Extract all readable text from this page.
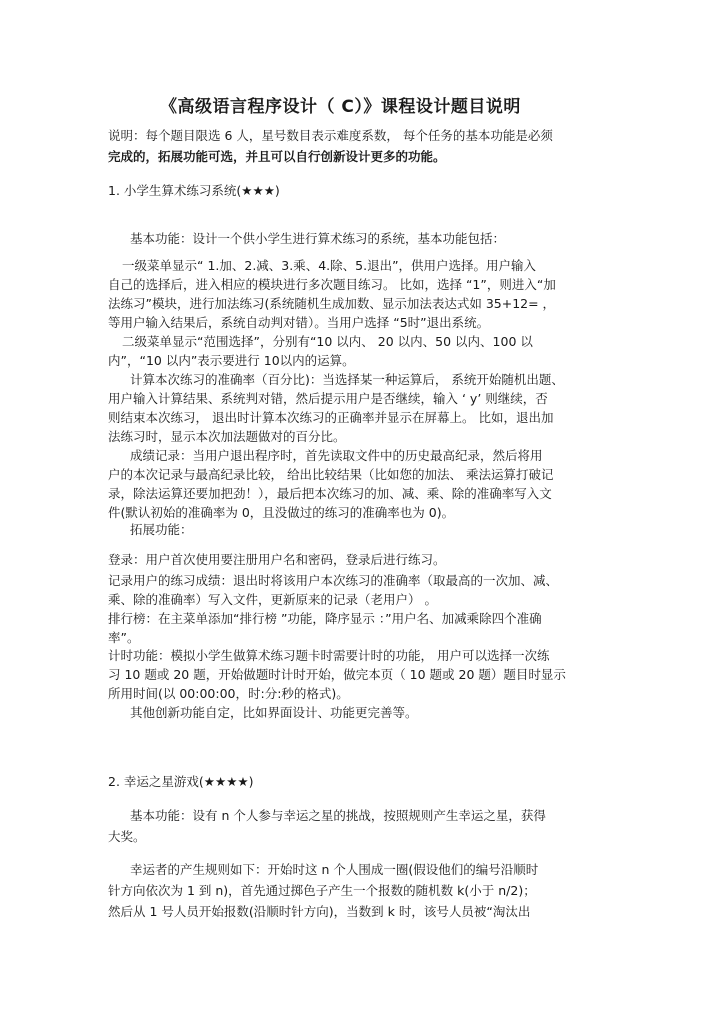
《高级语言程序设计（ C）》课程设计题目说明
说明：每个题目限选 6 人，星号数目表示难度系数， 每个任务的基本功能是必须
完成的，拓展功能可选，并且可以自行创新设计更多的功能。
1. 小学生算术练习系统(★★★)
基本功能：设计一个供小学生进行算术练习的系统，基本功能包括：
一级菜单显示“ 1.加、2.减、3.乘、4.除、5.退出”，供用户选择。用户输入
自己的选择后，进入相应的模块进行多次题目练习。 比如，选择 “1”，则进入“加
法练习”模块，进行加法练习(系统随机生成加数、显示加法表达式如 35+12= ，
等用户输入结果后，系统自动判对错）。当用户选择 “5时”退出系统。
二级菜单显示“范围选择”，分别有“10 以内、 20 以内、50 以内、100 以
内”，“10 以内”表示要进行 10以内的运算。
计算本次练习的准确率（百分比)：当选择某一种运算后， 系统开始随机出题、
用户输入计算结果、系统判对错，然后提示用户是否继续，输入 ‘ y’ 则继续，否
则结束本次练习， 退出时计算本次练习的正确率并显示在屏幕上。 比如，退出加
法练习时，显示本次加法题做对的百分比。
成绩记录：当用户退出程序时，首先读取文件中的历史最高纪录，然后将用
户的本次记录与最高纪录比较， 给出比较结果（比如您的加法、 乘法运算打破记
录，除法运算还要加把劲！），最后把本次练习的加、减、乘、除的准确率写入文
件(默认初始的准确率为 0，且没做过的练习的准确率也为 0)。
拓展功能：
登录：用户首次使用要注册用户名和密码，登录后进行练习。
记录用户的练习成绩：退出时将该用户本次练习的准确率（取最高的一次加、减、
乘、除的准确率）写入文件，更新原来的记录（老用户） 。
排行榜：在主菜单添加“排行榜 ”功能，降序显示 ：”用户名、加减乘除四个准确
率”。
计时功能：模拟小学生做算术练习题卡时需要计时的功能， 用户可以选择一次练
习 10 题或 20 题，开始做题时计时开始，做完本页（ 10 题或 20 题）题目时显示
所用时间(以 00:00:00，时:分:秒的格式)。
其他创新功能自定，比如界面设计、功能更完善等。
2. 幸运之星游戏(★★★★)
基本功能：设有 n 个人参与幸运之星的挑战，按照规则产生幸运之星，获得
大奖。
幸运者的产生规则如下：开始时这 n 个人围成一圈(假设他们的编号沿顺时
针方向依次为 1 到 n)，首先通过掷色子产生一个报数的随机数 k(小于 n/2)；
然后从 1 号人员开始报数(沿顺时针方向)，当数到 k 时，该号人员被“淘汰出
